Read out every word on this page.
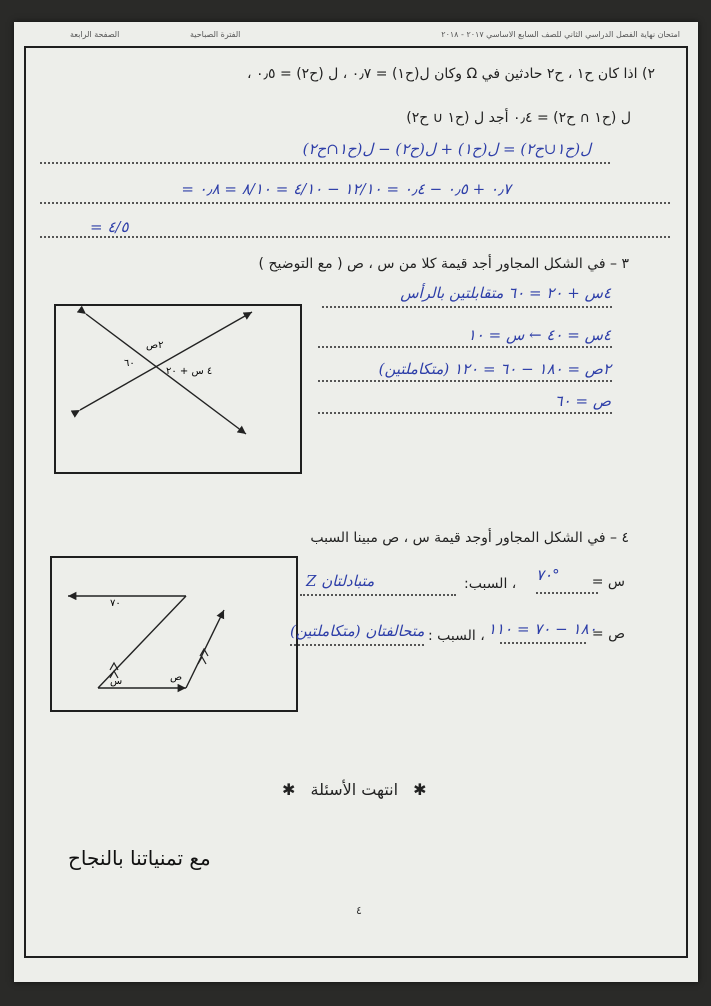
امتحان نهاية الفصل الدراسي الثاني للصف السابع الاساسي ٢٠١٧ - ٢٠١٨
الفترة الصباحية
الصفحة الرابعة
٢) اذا كان ح١ ، ح٢ حادثين في Ω وكان ل(ح١) = ٠٫٧ ، ل (ح٢) = ٠٫٥ ،
ل (ح١ ∩ ح٢) = ٠٫٤ أجد ل (ح١ ∪ ح٢)
ل(ح١∪ح٢) = ل(ح١) + ل(ح٢) − ل(ح١∩ح٢)
= ٠٫٧ + ٠٫٥ − ٠٫٤ = ١٢/١٠ − ٤/١٠ = ٨/١٠ = ٠٫٨
= ٤/٥
٣ – في الشكل المجاور أجد قيمة كلا من س ، ص ( مع التوضيح )
٢ص
٦٠
٤ س + ٢٠
٤س + ٢٠ = ٦٠ متقابلتين بالرأس
٤س = ٤٠ ← س = ١٠
٢ص = ١٨٠ − ٦٠ = ١٢٠ (متكاملتين)
ص = ٦٠
٤ – في الشكل المجاور أوجد قيمة س ، ص مبينا السبب
٧٠
س	ص
س =
٧٠°
، السبب:
متبادلتان Z
ص =
١٨٠ − ٧٠ = ١١٠
، السبب :
متحالفتان (متكاملتين)
✱ انتهت الأسئلة ✱
مع تمنياتنا بالنجاح
٤
